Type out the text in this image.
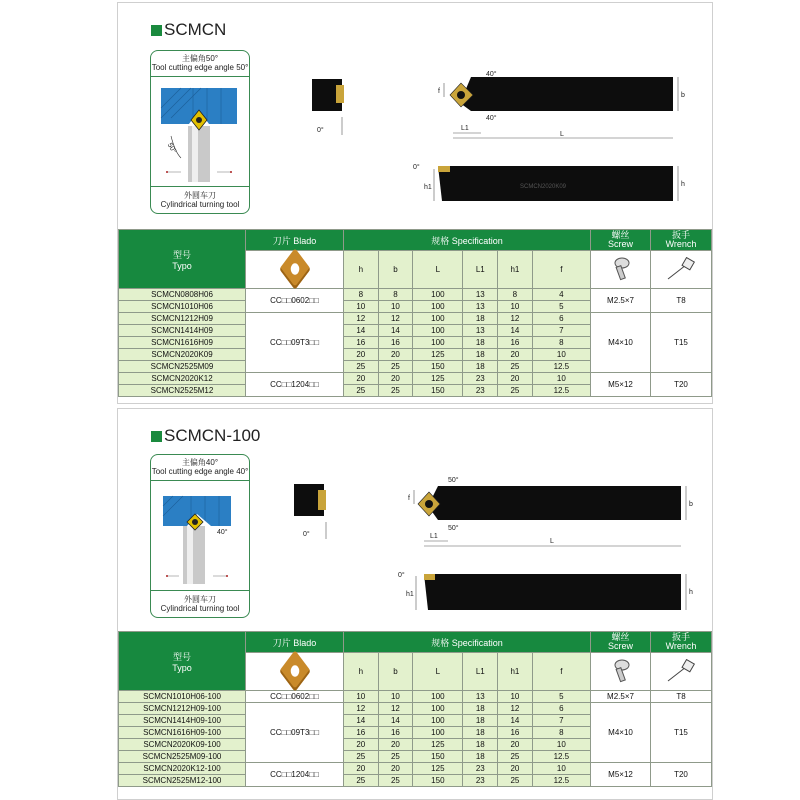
SCMCN
主偏角50°
Tool cutting edge angle 50°
50°
外圆车刀
Cylindrical turning tool
0°
40°
40°
b
f
L1
L
SCMCN2020K09
0°
h1	h
型号
Typo
	刀片 Blado	规格 Specification	
螺丝
Screw

扳手
Wrench

		h	b	L	L1	h1	f		
SCMCN0808H06	CC□□0602□□	8	8	100	13	8	4	M2.5×7	T8
SCMCN1010H06		10	10	100	13	10	5		
SCMCN1212H09	CC□□09T3□□	12	12	100	18	12	6	M4×10	T15
SCMCN1414H09		14	14	100	13	14	7		
SCMCN1616H09		16	16	100	18	16	8		
SCMCN2020K09		20	20	125	18	20	10		
SCMCN2525M09		25	25	150	18	25	12.5		
SCMCN2020K12	CC□□1204□□	20	20	125	23	20	10	M5×12	T20
SCMCN2525M12		25	25	150	23	25	12.5		
SCMCN-100
主偏角40°
Tool cutting edge angle 40°
40°
外圆车刀
Cylindrical turning tool
0°
50°
50°
b
f
L1
L
0°
h1	h
型号
Typo
	刀片 Blado	规格 Specification	
螺丝
Screw

扳手
Wrench

		h	b	L	L1	h1	f		
SCMCN1010H06-100	CC□□0602□□	10	10	100	13	10	5	M2.5×7	T8
SCMCN1212H09-100	CC□□09T3□□	12	12	100	18	12	6	M4×10	T15
SCMCN1414H09-100		14	14	100	18	14	7		
SCMCN1616H09-100		16	16	100	18	16	8		
SCMCN2020K09-100		20	20	125	18	20	10		
SCMCN2525M09-100		25	25	150	18	25	12.5		
SCMCN2020K12-100	CC□□1204□□	20	20	125	23	20	10	M5×12	T20
SCMCN2525M12-100		25	25	150	23	25	12.5		
